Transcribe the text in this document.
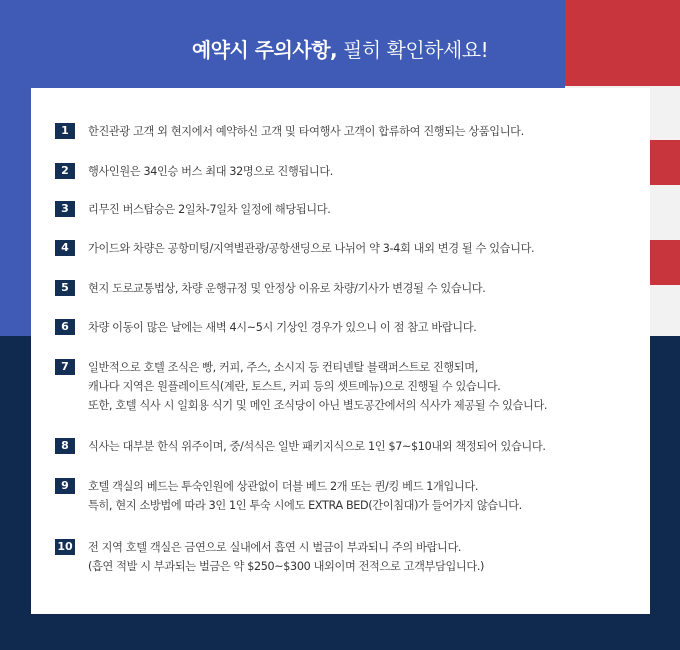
예약시 주의사항, 필히 확인하세요!
1	한진관광 고객 외 현지에서 예약하신 고객 및 타여행사 고객이 합류하여 진행되는 상품입니다.
2	행사인원은 34인승 버스 최대 32명으로 진행됩니다.
3	리무진 버스탑승은 2일차-7일차 일정에 해당됩니다.
4	가이드와 차량은 공항미팅/지역별관광/공항샌딩으로 나뉘어 약 3-4회 내외 변경 될 수 있습니다.
5	현지 도로교통법상, 차량 운행규정 및 안정상 이유로 차량/기사가 변경될 수 있습니다.
6	차량 이동이 많은 날에는 새벽 4시~5시 기상인 경우가 있으니 이 점 참고 바랍니다.
7	일반적으로 호텔 조식은 빵, 커피, 주스, 소시지 등 컨티넨탈 블랙퍼스트로 진행되며,
캐나다 지역은 원플레이트식(계란, 토스트, 커피 등의 셋트메뉴)으로 진행될 수 있습니다.
또한, 호텔 식사 시 일회용 식기 및 메인 조식당이 아닌 별도공간에서의 식사가 제공될 수 있습니다.
8	식사는 대부분 한식 위주이며, 중/석식은 일반 패키지식으로 1인 $7~$10내외 책정되어 있습니다.
9	호텔 객실의 베드는 투숙인원에 상관없이 더블 베드 2개 또는 퀸/킹 베드 1개입니다.
특히, 현지 소방법에 따라 3인 1인 투숙 시에도 EXTRA BED(간이침대)가 들어가지 않습니다.
10 전 지역 호텔 객실은 금연으로 실내에서 흡연 시 벌금이 부과되니 주의 바랍니다.
(흡연 적발 시 부과되는 벌금은 약 $250~$300 내외이며 전적으로 고객부담입니다.)
